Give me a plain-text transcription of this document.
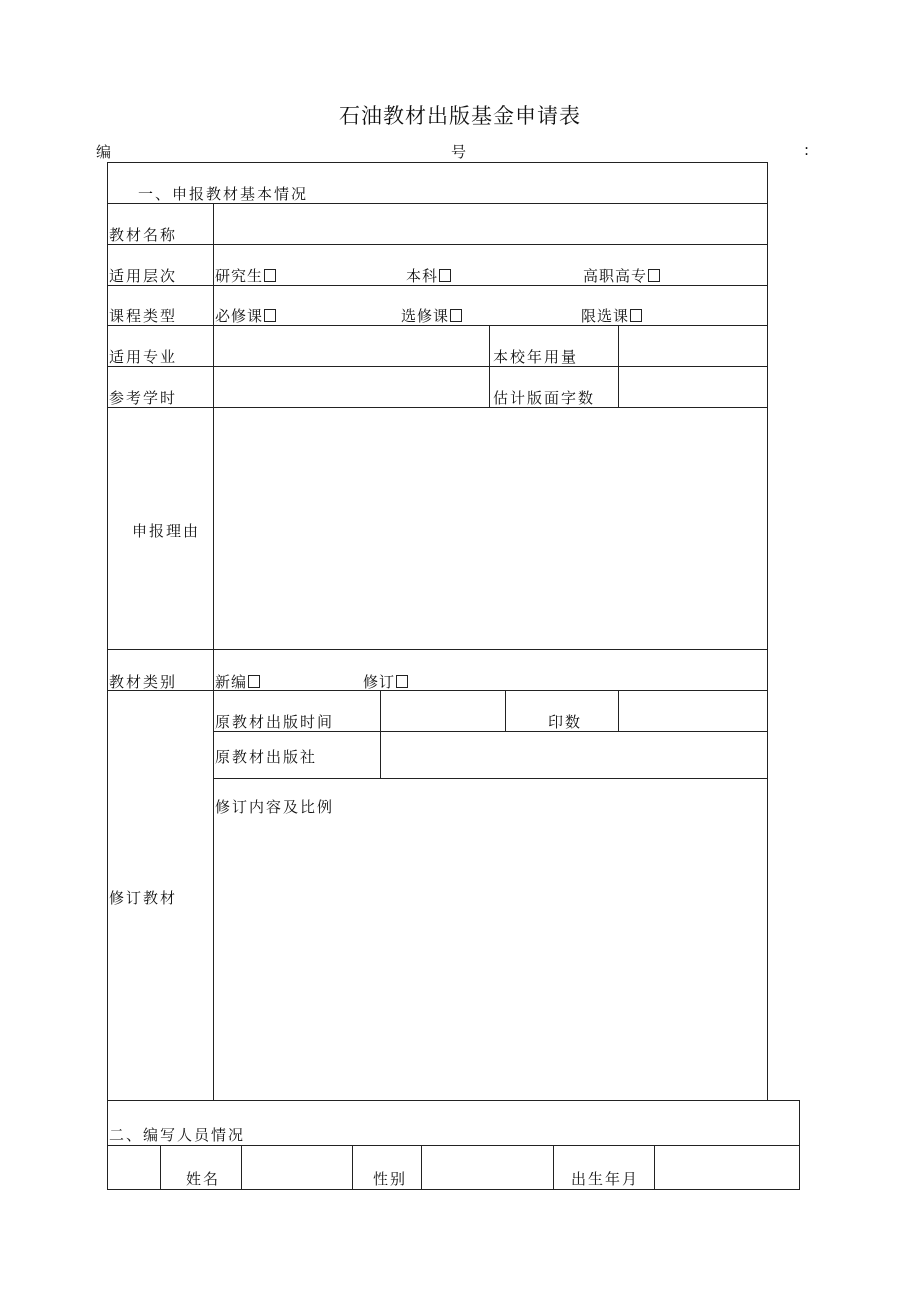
石油教材出版基金申请表
编	号	:
一、申报教材基本情况
教材名称
适用层次	研究生	本科	高职高专
课程类型	必修课	选修课	限选课
适用专业	本校年用量
参考学时	估计版面字数
申报理由
教材类别	新编	修订
修订教材
原教材出版时间	印数
原教材出版社
修订内容及比例
二、编写人员情况
姓名	性别	出生年月
